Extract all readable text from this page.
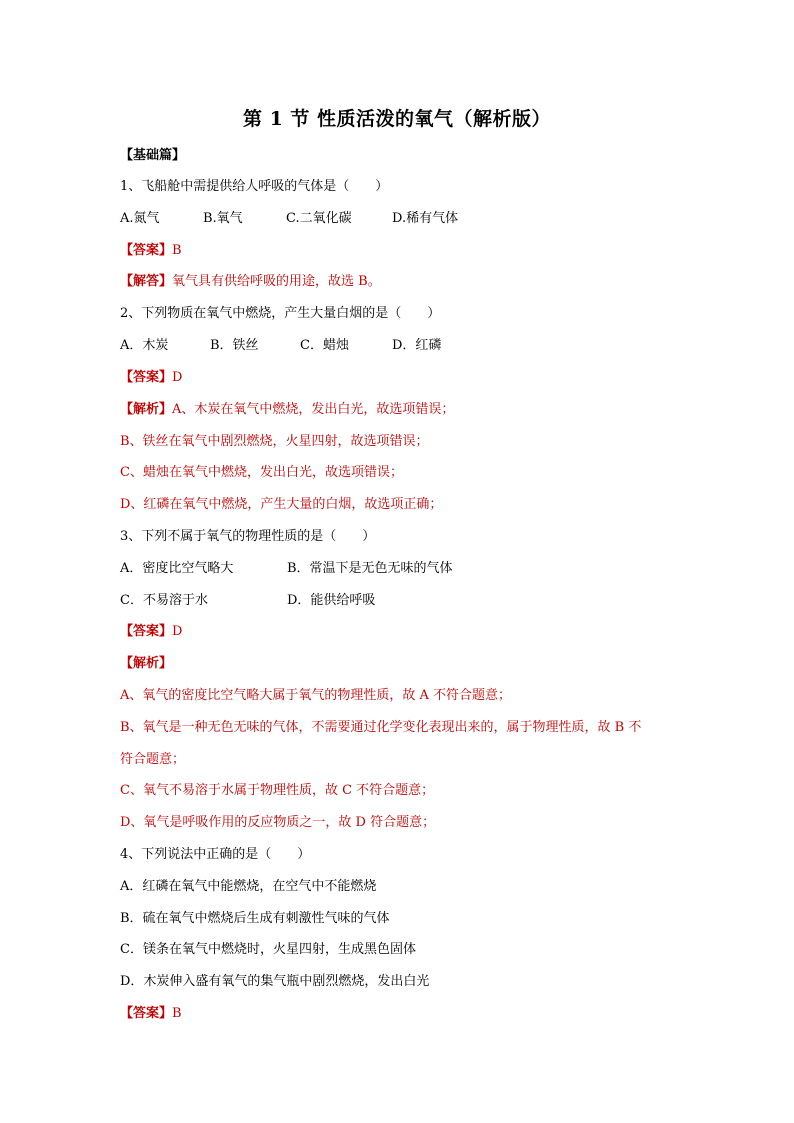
第 1 节 性质活泼的氧气（解析版）
【基础篇】
1、飞船舱中需提供给人呼吸的气体是（　　）
A.氮气	B.氧气	C.二氧化碳	D.稀有气体
【答案】B
【解答】氧气具有供给呼吸的用途，故选 B。
2、下列物质在氧气中燃烧，产生大量白烟的是（　　）
A．木炭	B．铁丝	C．蜡烛	D．红磷
【答案】D
【解析】A、木炭在氧气中燃烧，发出白光，故选项错误；
B、铁丝在氧气中剧烈燃烧，火星四射，故选项错误；
C、蜡烛在氧气中燃烧，发出白光，故选项错误；
D、红磷在氧气中燃烧，产生大量的白烟，故选项正确；
3、下列不属于氧气的物理性质的是（　　）
A．密度比空气略大	B．常温下是无色无味的气体
C．不易溶于水	D．能供给呼吸
【答案】D
【解析】
A、氧气的密度比空气略大属于氧气的物理性质，故 A 不符合题意；
B、氧气是一种无色无味的气体，不需要通过化学变化表现出来的，属于物理性质，故 B 不
符合题意；
C、氧气不易溶于水属于物理性质，故 C 不符合题意；
D、氧气是呼吸作用的反应物质之一，故 D 符合题意；
4、下列说法中正确的是（　　）
A．红磷在氧气中能燃烧，在空气中不能燃烧
B．硫在氧气中燃烧后生成有刺激性气味的气体
C．镁条在氧气中燃烧时，火星四射，生成黑色固体
D．木炭伸入盛有氧气的集气瓶中剧烈燃烧，发出白光
【答案】B
